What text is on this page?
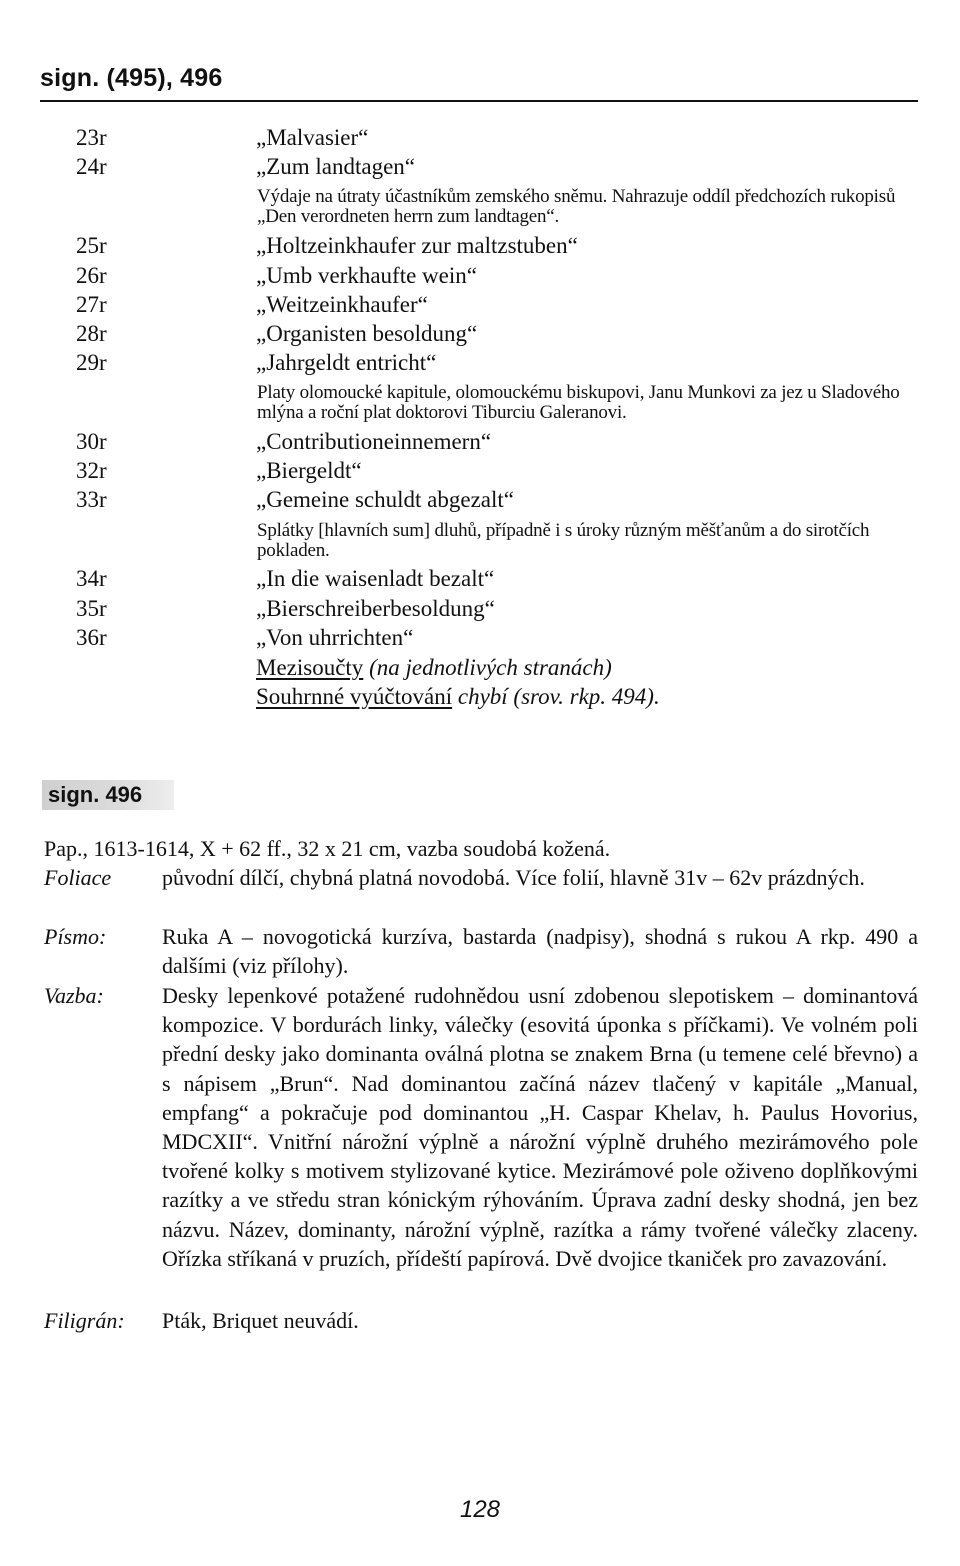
sign. (495), 496
23r	„Malvasier“
24r	„Zum landtagen“
Výdaje na útraty účastníkům zemského sněmu. Nahrazuje oddíl předchozích rukopisů „Den verordneten herrn zum landtagen“.
25r	„Holtzeinkhaufer zur maltzstuben“
26r	„Umb verkhaufte wein“
27r	„Weitzeinkhaufer“
28r	„Organisten besoldung“
29r	„Jahrgeldt entricht“
Platy olomoucké kapitule, olomouckému biskupovi, Janu Munkovi za jez u Sladového mlýna a roční plat doktorovi Tiburciu Galeranovi.
30r	„Contributioneinnemern“
32r	„Biergeldt“
33r	„Gemeine schuldt abgezalt“
Splátky [hlavních sum] dluhů, případně i s úroky různým měšťanům a do sirotčích pokladen.
34r	„In die waisenladt bezalt“
35r	„Bierschreiberbesoldung“
36r	„Von uhrrichten“
Mezisoučty (na jednotlivých stranách)
Souhrnné vyúčtování chybí (srov. rkp. 494).
sign. 496
Pap., 1613-1614, X + 62 ff., 32 x 21 cm, vazba soudobá kožená.
Foliace původní dílčí, chybná platná novodobá. Více folií, hlavně 31v – 62v prázdných.
Písmo:	Ruka A – novogotická kurzíva, bastarda (nadpisy), shodná s rukou A rkp. 490 a dalšími (viz přílohy).
Vazba:	Desky lepenkové potažené rudohnědou usní zdobenou slepotiskem – dominantová kompozice. V bordurách linky, válečky (esovitá úponka s příčkami). Ve volném poli přední desky jako dominanta oválná plotna se znakem Brna (u temene celé břevno) a s nápisem „Brun“. Nad dominantou začíná název tlačený v kapitále „Manual, empfang“ a pokračuje pod dominantou „H. Caspar Khelav, h. Paulus Hovorius, MDCXII“. Vnitřní nárožní výplně a nárožní výplně druhého mezirámového pole tvořené kolky s motivem stylizované kytice. Mezirámové pole oživeno doplňkovými razítky a ve středu stran kónickým rýhováním. Úprava zadní desky shodná, jen bez názvu. Název, dominanty, nárožní výplně, razítka a rámy tvořené válečky zlaceny. Ořízka stříkaná v pruzích, přídeští papírová. Dvě dvojice tkaniček pro zavazování.
Filigrán: Pták, Briquet neuvádí.
128
